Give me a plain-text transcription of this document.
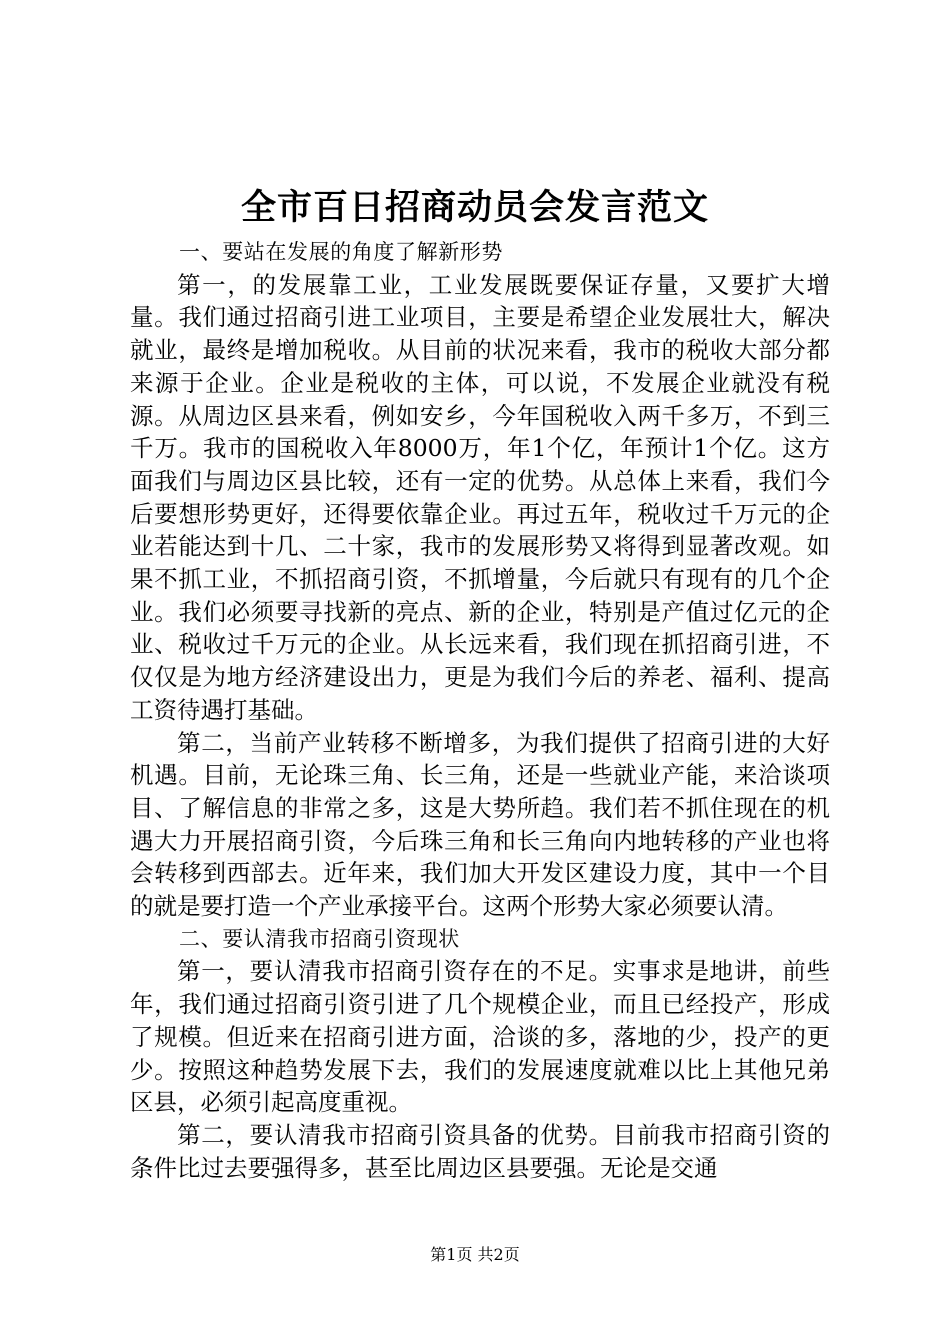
全市百日招商动员会发言范文
一、要站在发展的角度了解新形势

第一，的发展靠工业，工业发展既要保证存量，又要扩大增量。我们通过招商引进工业项目，主要是希望企业发展壮大，解决就业，最终是增加税收。从目前的状况来看，我市的税收大部分都来源于企业。企业是税收的主体，可以说，不发展企业就没有税源。从周边区县来看，例如安乡，今年国税收入两千多万，不到三千万。我市的国税收入年8000万，年1个亿，年预计1个亿。这方面我们与周边区县比较，还有一定的优势。从总体上来看，我们今后要想形势更好，还得要依靠企业。再过五年，税收过千万元的企业若能达到十几、二十家，我市的发展形势又将得到显著改观。如果不抓工业，不抓招商引资，不抓增量，今后就只有现有的几个企业。我们必须要寻找新的亮点、新的企业，特别是产值过亿元的企业、税收过千万元的企业。从长远来看，我们现在抓招商引进，不仅仅是为地方经济建设出力，更是为我们今后的养老、福利、提高工资待遇打基础。

第二，当前产业转移不断增多，为我们提供了招商引进的大好机遇。目前，无论珠三角、长三角，还是一些就业产能，来洽谈项目、了解信息的非常之多，这是大势所趋。我们若不抓住现在的机遇大力开展招商引资，今后珠三角和长三角向内地转移的产业也将会转移到西部去。近年来，我们加大开发区建设力度，其中一个目的就是要打造一个产业承接平台。这两个形势大家必须要认清。

二、要认清我市招商引资现状

第一，要认清我市招商引资存在的不足。实事求是地讲，前些年，我们通过招商引资引进了几个规模企业，而且已经投产，形成了规模。但近来在招商引进方面，洽谈的多，落地的少，投产的更少。按照这种趋势发展下去，我们的发展速度就难以比上其他兄弟区县，必须引起高度重视。

第二，要认清我市招商引资具备的优势。目前我市招商引资的条件比过去要强得多，甚至比周边区县要强。无论是交通

第1页 共2页
